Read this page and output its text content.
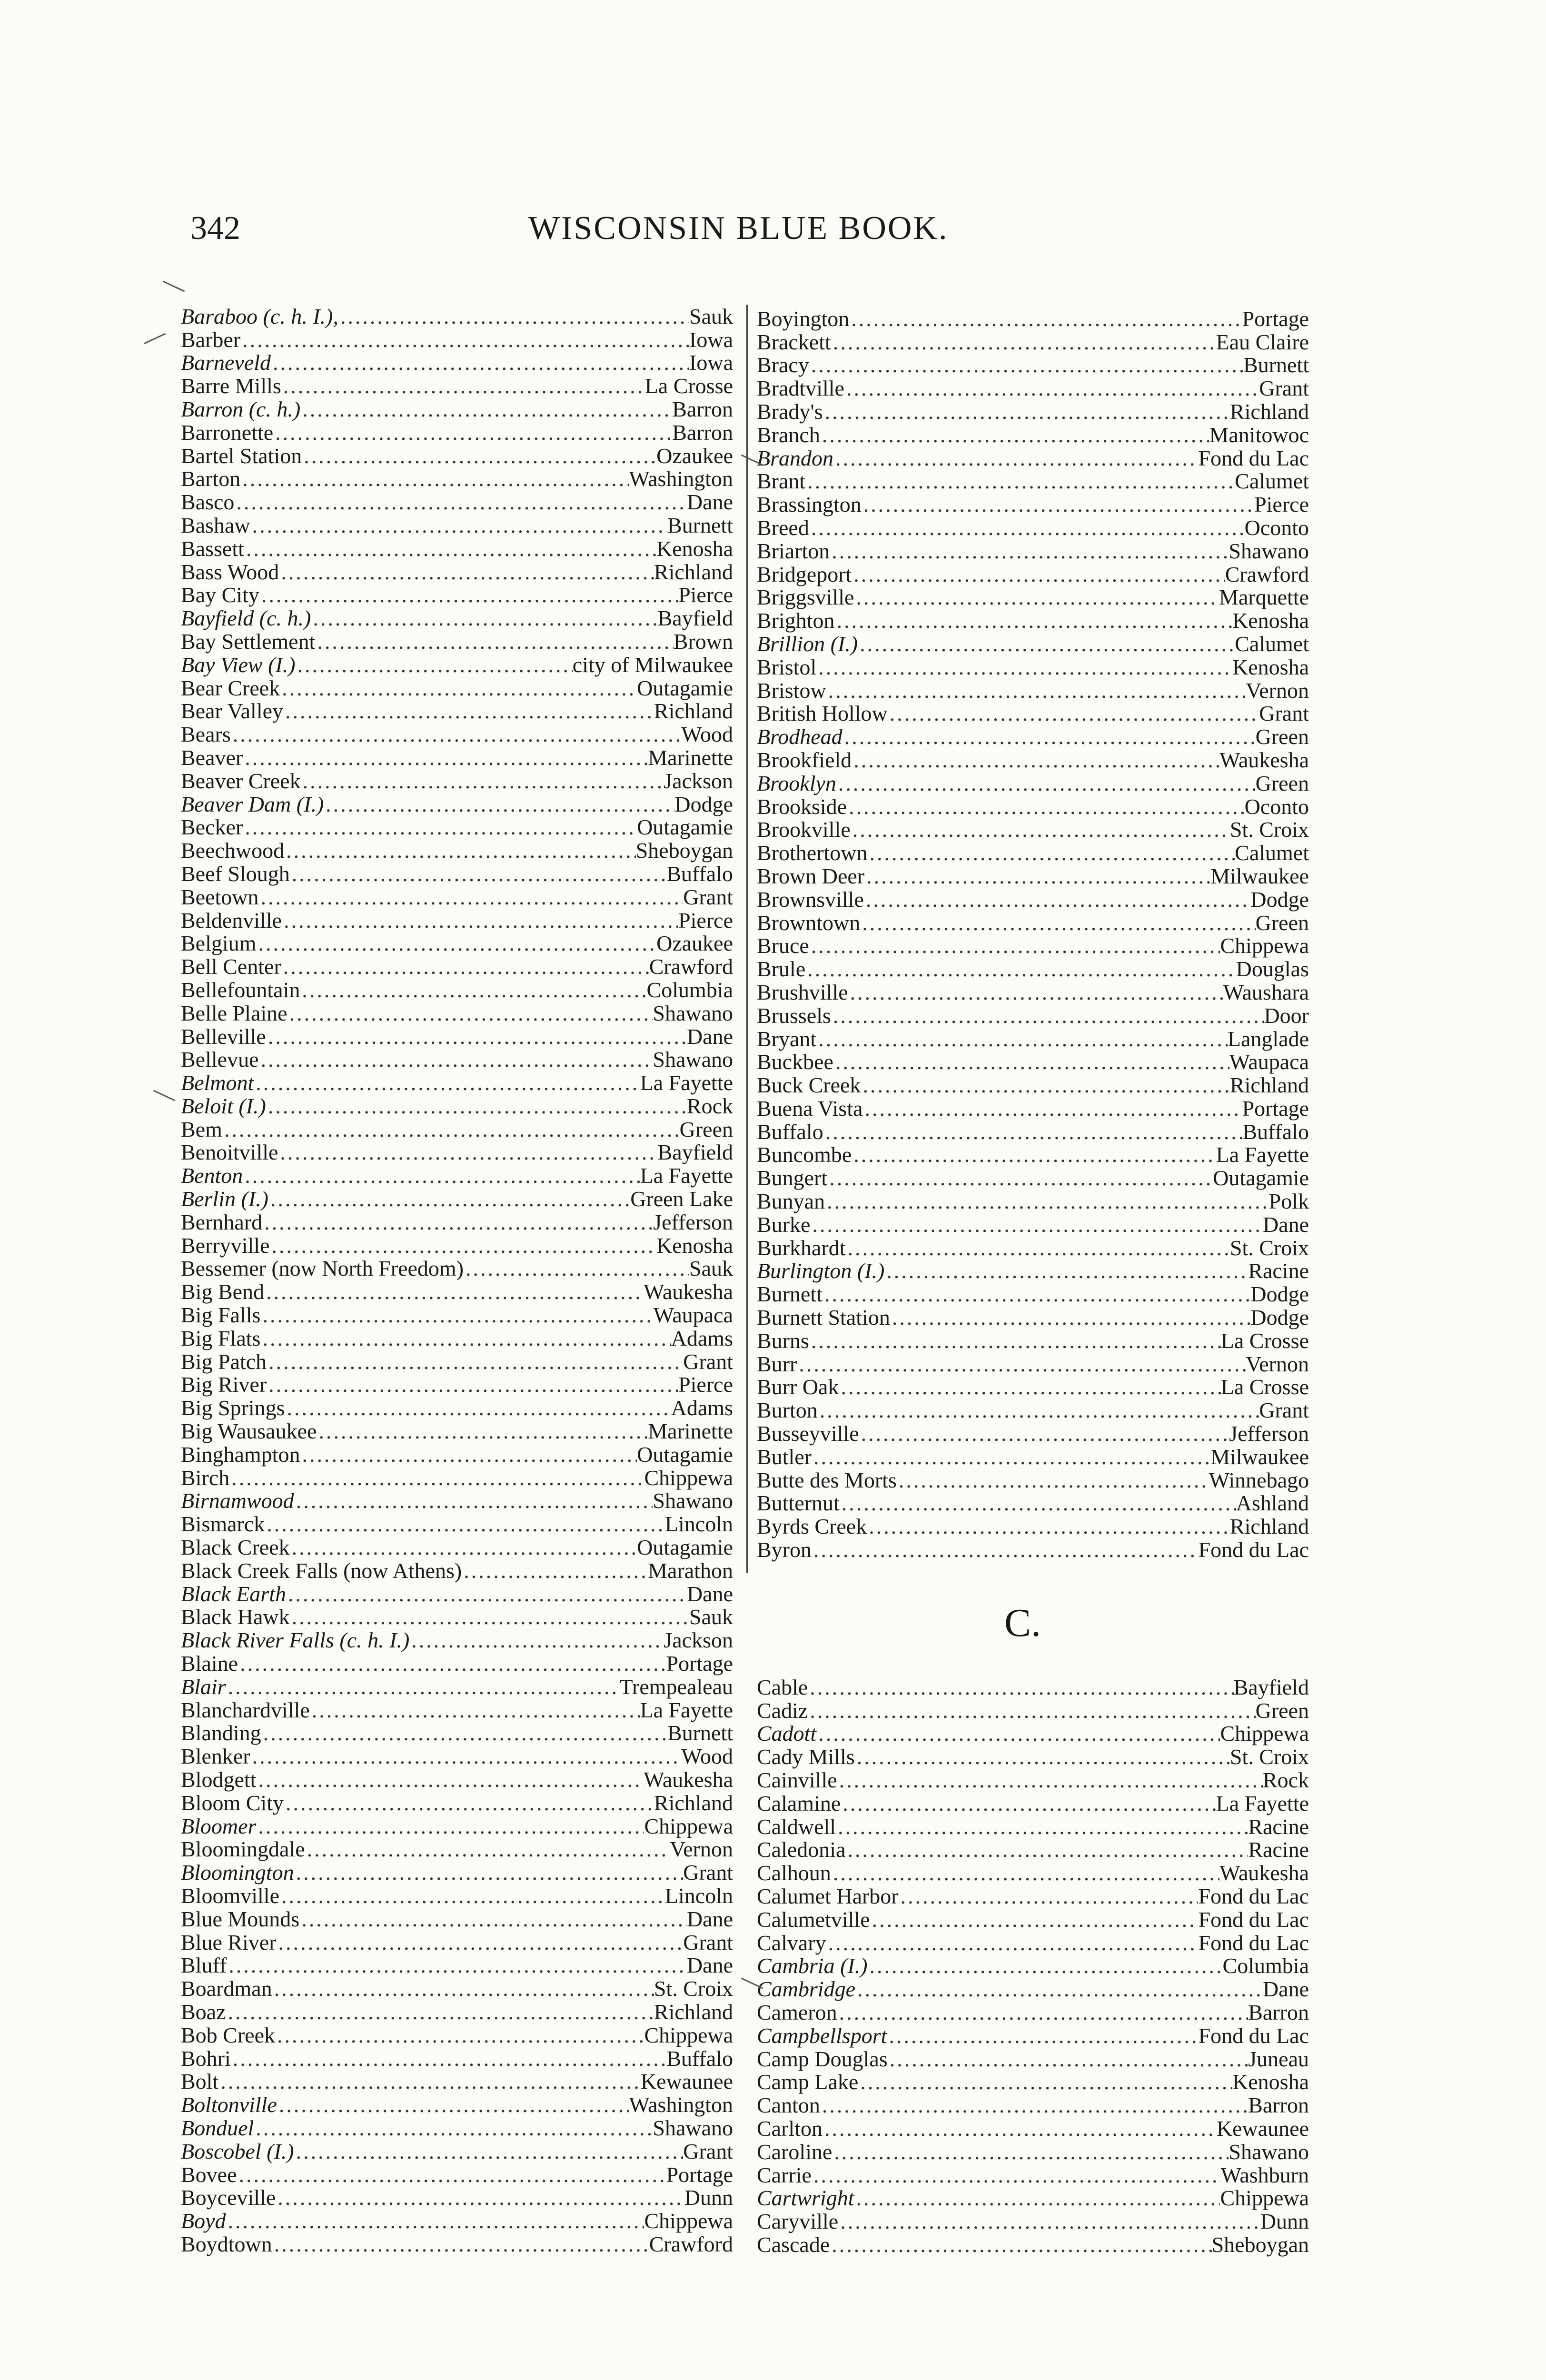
342	WISCONSIN BLUE BOOK.
Baraboo (c. h. I.), .....	Sauk
Barber .....	Iowa
Barneveld .....	Iowa
Barre Mills .....	La Crosse
Barron (c. h.) .....	Barron
Barronette .....	Barron
Bartel Station .....	Ozaukee
Barton .....	Washington
Basco .....	Dane
Bashaw .....	Burnett
Bassett .....	Kenosha
Bass Wood .....	Richland
Bay City .....	Pierce
Bayfield (c. h.) .....	Bayfield
Bay Settlement .....	Brown
Bay View (I.) .....	city of Milwaukee
Bear Creek .....	Outagamie
Bear Valley .....	Richland
Bears .....	Wood
Beaver .....	Marinette
Beaver Creek .....	Jackson
Beaver Dam (I.) .....	Dodge
Becker .....	Outagamie
Beechwood .....	Sheboygan
Beef Slough .....	Buffalo
Beetown .....	Grant
Beldenville .....	Pierce
Belgium .....	Ozaukee
Bell Center .....	Crawford
Bellefountain .....	Columbia
Belle Plaine .....	Shawano
Belleville .....	Dane
Bellevue .....	Shawano
Belmont .....	La Fayette
Beloit (I.) .....	Rock
Bem .....	Green
Benoitville .....	Bayfield
Benton .....	La Fayette
Berlin (I.) .....	Green Lake
Bernhard .....	Jefferson
Berryville .....	Kenosha
Bessemer (now North Freedom) .....	Sauk
Big Bend .....	Waukesha
Big Falls .....	Waupaca
Big Flats .....	Adams
Big Patch .....	Grant
Big River .....	Pierce
Big Springs .....	Adams
Big Wausaukee .....	Marinette
Binghampton .....	Outagamie
Birch .....	Chippewa
Birnamwood .....	Shawano
Bismarck .....	Lincoln
Black Creek .....	Outagamie
Black Creek Falls (now Athens) .....	Marathon
Black Earth .....	Dane
Black Hawk .....	Sauk
Black River Falls (c. h. I.) .....	Jackson
Blaine .....	Portage
Blair .....	Trempealeau
Blanchardville .....	La Fayette
Blanding .....	Burnett
Blenker .....	Wood
Blodgett .....	Waukesha
Bloom City .....	Richland
Bloomer .....	Chippewa
Bloomingdale .....	Vernon
Bloomington .....	Grant
Bloomville .....	Lincoln
Blue Mounds .....	Dane
Blue River .....	Grant
Bluff .....	Dane
Boardman .....	St. Croix
Boaz .....	Richland
Bob Creek .....	Chippewa
Bohri .....	Buffalo
Bolt .....	Kewaunee
Boltonville .....	Washington
Bonduel .....	Shawano
Boscobel (I.) .....	Grant
Bovee .....	Portage
Boyceville .....	Dunn
Boyd .....	Chippewa
Boydtown .....	Crawford
Boyington .....	Portage
Brackett .....	Eau Claire
Bracy .....	Burnett
Bradtville .....	Grant
Brady's .....	Richland
Branch .....	Manitowoc
Brandon .....	Fond du Lac
Brant .....	Calumet
Brassington .....	Pierce
Breed .....	Oconto
Briarton .....	Shawano
Bridgeport .....	Crawford
Briggsville .....	Marquette
Brighton .....	Kenosha
Brillion (I.) .....	Calumet
Bristol .....	Kenosha
Bristow .....	Vernon
British Hollow .....	Grant
Brodhead .....	Green
Brookfield .....	Waukesha
Brooklyn .....	Green
Brookside .....	Oconto
Brookville .....	St. Croix
Brothertown .....	Calumet
Brown Deer .....	Milwaukee
Brownsville .....	Dodge
Browntown .....	Green
Bruce .....	Chippewa
Brule .....	Douglas
Brushville .....	Waushara
Brussels .....	Door
Bryant .....	Langlade
Buckbee .....	Waupaca
Buck Creek .....	Richland
Buena Vista .....	Portage
Buffalo .....	Buffalo
Buncombe .....	La Fayette
Bungert .....	Outagamie
Bunyan .....	Polk
Burke .....	Dane
Burkhardt .....	St. Croix
Burlington (I.) .....	Racine
Burnett .....	Dodge
Burnett Station .....	Dodge
Burns .....	La Crosse
Burr .....	Vernon
Burr Oak .....	La Crosse
Burton .....	Grant
Busseyville .....	Jefferson
Butler .....	Milwaukee
Butte des Morts .....	Winnebago
Butternut .....	Ashland
Byrds Creek .....	Richland
Byron .....	Fond du Lac
C.
Cable .....	Bayfield
Cadiz .....	Green
Cadott .....	Chippewa
Cady Mills .....	St. Croix
Cainville .....	Rock
Calamine .....	La Fayette
Caldwell .....	Racine
Caledonia .....	Racine
Calhoun .....	Waukesha
Calumet Harbor .....	Fond du Lac
Calumetville .....	Fond du Lac
Calvary .....	Fond du Lac
Cambria (I.) .....	Columbia
Cambridge .....	Dane
Cameron .....	Barron
Campbellsport .....	Fond du Lac
Camp Douglas .....	Juneau
Camp Lake .....	Kenosha
Canton .....	Barron
Carlton .....	Kewaunee
Caroline .....	Shawano
Carrie .....	Washburn
Cartwright .....	Chippewa
Caryville .....	Dunn
Cascade .....	Sheboygan
